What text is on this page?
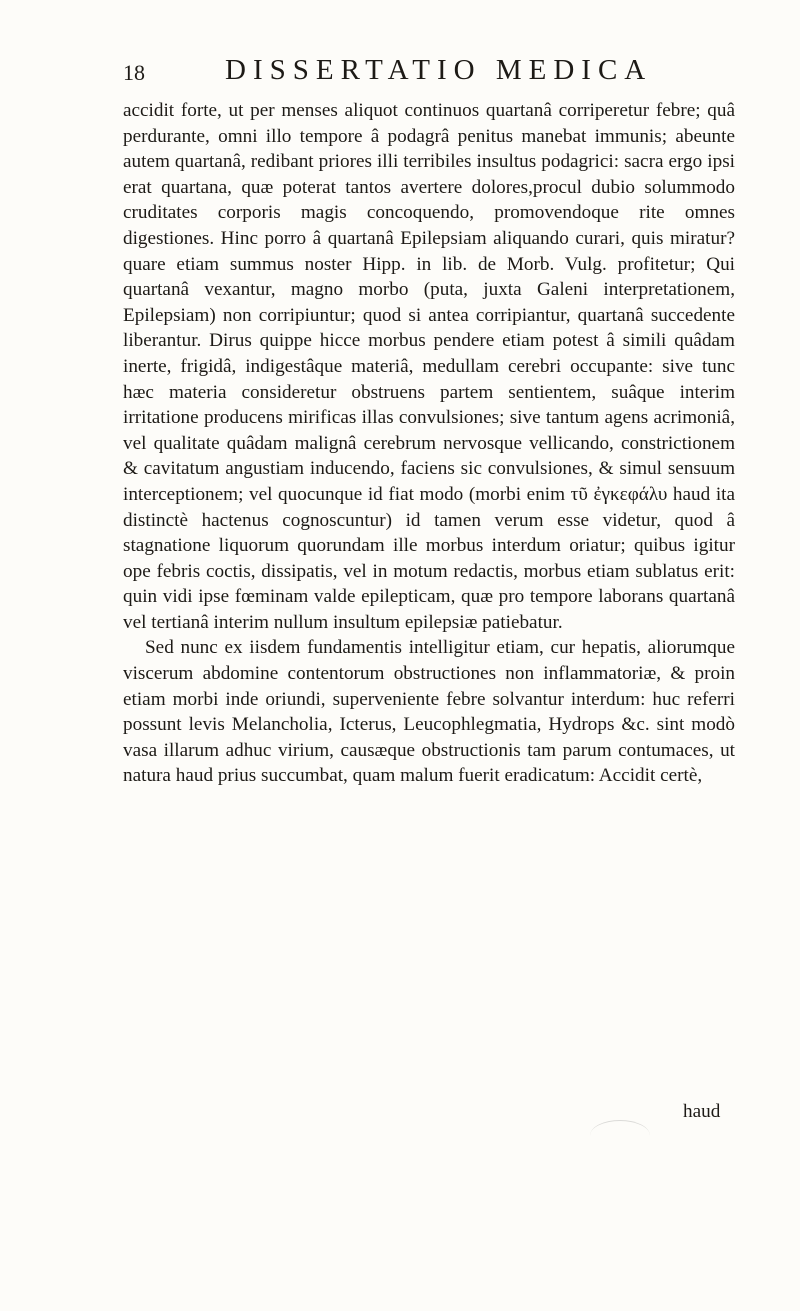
18	DISSERTATIO MEDICA

accidit forte, ut per menses aliquot continuos quartanâ corriperetur febre; quâ perdurante, omni illo tempore â podagrâ penitus manebat immunis; abeunte autem quartanâ, redibant priores illi terribiles insultus podagrici: sacra ergo ipsi erat quartana, quæ poterat tantos avertere dolores,procul dubio solummodo cruditates corporis magis concoquendo, promovendoque rite omnes digestiones. Hinc porro â quartanâ Epilepsiam aliquando curari, quis miratur? quare etiam summus noster Hipp. in lib. de Morb. Vulg. profitetur; Qui quartanâ vexantur, magno morbo (puta, juxta Galeni interpretationem, Epilepsiam) non corripiuntur; quod si antea corripiantur, quartanâ succedente liberantur. Dirus quippe hicce morbus pendere etiam potest â simili quâdam inerte, frigidâ, indigestâque materiâ, medullam cerebri occupante: sive tunc hæc materia consideretur obstruens partem sentientem, suâque interim irritatione producens mirificas illas convulsiones; sive tantum agens acrimoniâ, vel qualitate quâdam malignâ cerebrum nervosque vellicando, constrictionem & cavitatum angustiam inducendo, faciens sic convulsiones, & simul sensuum interceptionem; vel quocunque id fiat modo (morbi enim τῦ ἐγκεφάλυ haud ita distinctè hactenus cognoscuntur) id tamen verum esse videtur, quod â stagnatione liquorum quorundam ille morbus interdum oriatur; quibus igitur ope febris coctis, dissipatis, vel in motum redactis, morbus etiam sublatus erit: quin vidi ipse fœminam valde epilepticam, quæ pro tempore laborans quartanâ vel tertianâ interim nullum insultum epilepsiæ patiebatur.

Sed nunc ex iisdem fundamentis intelligitur etiam, cur hepatis, aliorumque viscerum abdomine contentorum obstructiones non inflammatoriæ, & proin etiam morbi inde oriundi, superveniente febre solvantur interdum: huc referri possunt levis Melancholia, Icterus, Leucophlegmatia, Hydrops &c. sint modò vasa illarum adhuc virium, causæque obstructionis tam parum contumaces, ut natura haud prius succumbat, quam malum fuerit eradicatum: Accidit certè,

haud
